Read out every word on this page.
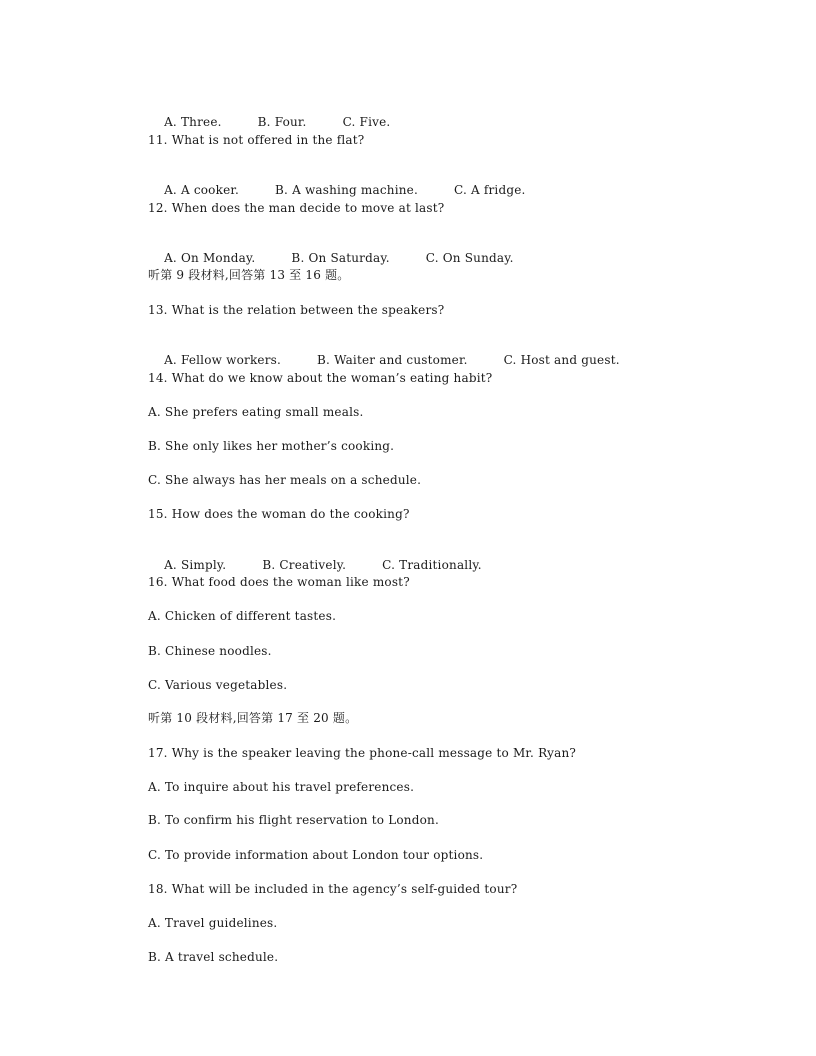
A. Three.	B. Four.	C. Five.

11. What is not offered in the flat?

A. A cooker.	B. A washing machine.	C. A fridge.

12. When does the man decide to move at last?

A. On Monday.	B. On Saturday.	C. On Sunday.

听第 9 段材料,回答第 13 至 16 题。
13. What is the relation between the speakers?

A. Fellow workers.	B. Waiter and customer.	C. Host and guest.

14. What do we know about the woman’s eating habit?
A. She prefers eating small meals.
B. She only likes her mother’s cooking.
C. She always has her meals on a schedule.
15. How does the woman do the cooking?

A. Simply.	B. Creatively.	C. Traditionally.

16. What food does the woman like most?
A. Chicken of different tastes.
B. Chinese noodles.
C. Various vegetables.
听第 10 段材料,回答第 17 至 20 题。
17. Why is the speaker leaving the phone-call message to Mr. Ryan?
A. To inquire about his travel preferences.
B. To confirm his flight reservation to London.
C. To provide information about London tour options.
18. What will be included in the agency’s self-guided tour?
A. Travel guidelines.
B. A travel schedule.
